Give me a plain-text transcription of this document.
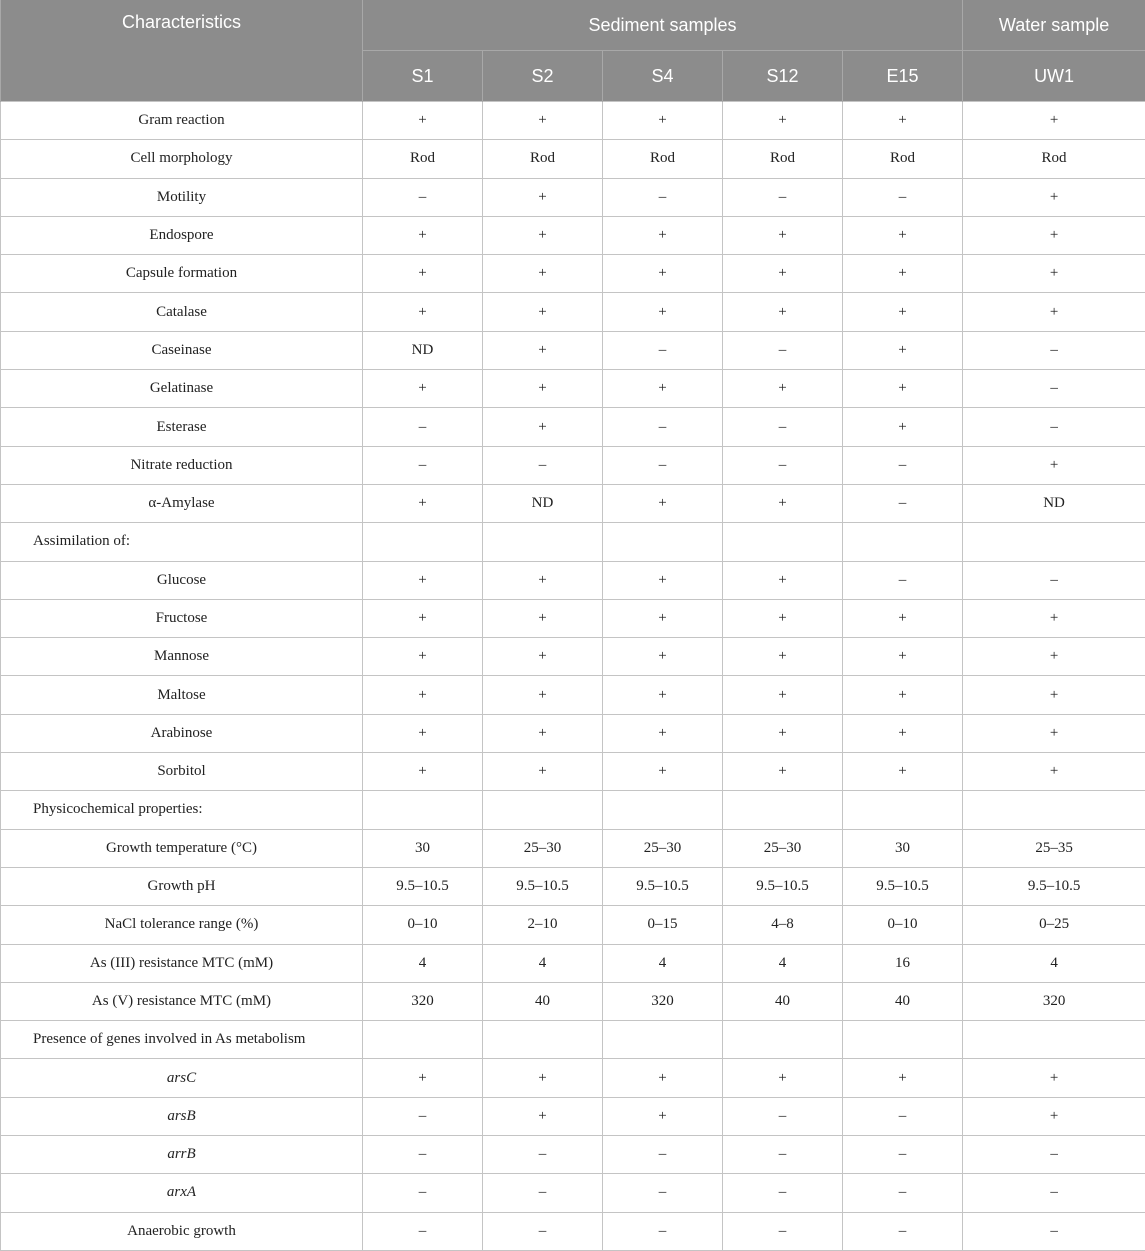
Characteristics	Sediment samples					Water sample
	S1	S2	S4	S12	E15	UW1
Gram reaction	+	+	+	+	+	+
Cell morphology	Rod	Rod	Rod	Rod	Rod	Rod
Motility	–	+	–	–	–	+
Endospore	+	+	+	+	+	+
Capsule formation	+	+	+	+	+	+
Catalase	+	+	+	+	+	+
Caseinase	ND	+	–	–	+	–
Gelatinase	+	+	+	+	+	–
Esterase	–	+	–	–	+	–
Nitrate reduction	–	–	–	–	–	+
α-Amylase	+	ND	+	+	–	ND
Assimilation of:						
Glucose	+	+	+	+	–	–
Fructose	+	+	+	+	+	+
Mannose	+	+	+	+	+	+
Maltose	+	+	+	+	+	+
Arabinose	+	+	+	+	+	+
Sorbitol	+	+	+	+	+	+
Physicochemical properties:						
Growth temperature (°C)	30	25–30	25–30	25–30	30	25–35
Growth pH	9.5–10.5	9.5–10.5	9.5–10.5	9.5–10.5	9.5–10.5	9.5–10.5
NaCl tolerance range (%)	0–10	2–10	0–15	4–8	0–10	0–25
As (III) resistance MTC (mM)	4	4	4	4	16	4
As (V) resistance MTC (mM)	320	40	320	40	40	320
Presence of genes involved in As metabolism						
arsC	+	+	+	+	+	+
arsB	–	+	+	–	–	+
arrB	–	–	–	–	–	–
arxA	–	–	–	–	–	–
Anaerobic growth	–	–	–	–	–	–
